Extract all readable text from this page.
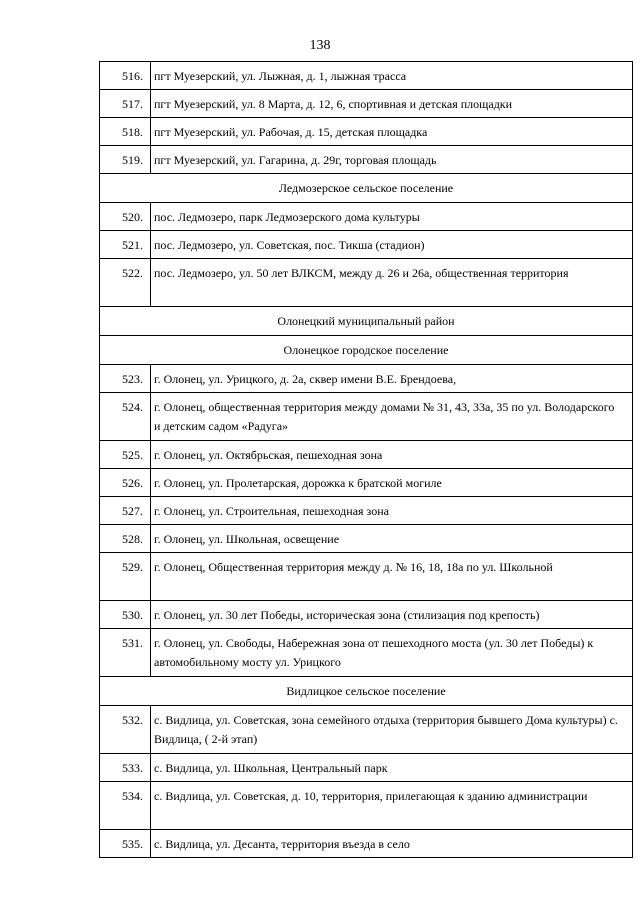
138
516.	пгт Муезерский, ул. Лыжная, д. 1, лыжная трасса
517.	пгт Муезерский, ул. 8 Марта, д. 12, 6, спортивная и детская площадки
518.	пгт Муезерский, ул. Рабочая, д. 15, детская площадка
519.	пгт Муезерский, ул. Гагарина, д. 29г, торговая площадь
Ледмозерское сельское поселение	
520.	пос. Ледмозеро, парк Ледмозерского дома культуры
521.	пос. Ледмозеро, ул. Советская, пос. Тикша (стадион)
522.	пос. Ледмозеро, ул. 50 лет ВЛКСМ, между д. 26 и 26а, общественная территория
Олонецкий муниципальный район	
Олонецкое городское поселение	
523.	г. Олонец, ул. Урицкого, д. 2а, сквер имени В.Е. Брендоева,
524.	г. Олонец, общественная территория между домами № 31, 43, 33а, 35 по ул. Володарского и детским садом «Радуга»
525.	г. Олонец, ул. Октябрьская, пешеходная зона
526.	г. Олонец, ул. Пролетарская, дорожка к братской могиле
527.	г. Олонец, ул. Строительная, пешеходная зона
528.	г. Олонец, ул. Школьная, освещение
529.	г. Олонец, Общественная территория между д. № 16, 18, 18а по ул. Школьной
530.	г. Олонец, ул. 30 лет Победы, историческая зона (стилизация под крепость)
531.	г. Олонец, ул. Свободы, Набережная зона от пешеходного моста (ул. 30 лет Победы) к автомобильному мосту ул. Урицкого
Видлицкое сельское поселение	
532.	с. Видлица, ул. Советская, зона семейного отдыха (территория бывшего Дома культуры) с. Видлица, ( 2-й этап)
533.	с. Видлица, ул. Школьная, Центральный парк
534.	с. Видлица, ул. Советская, д. 10, территория, прилегающая к зданию администрации
535.	с. Видлица, ул. Десанта, территория въезда в село
